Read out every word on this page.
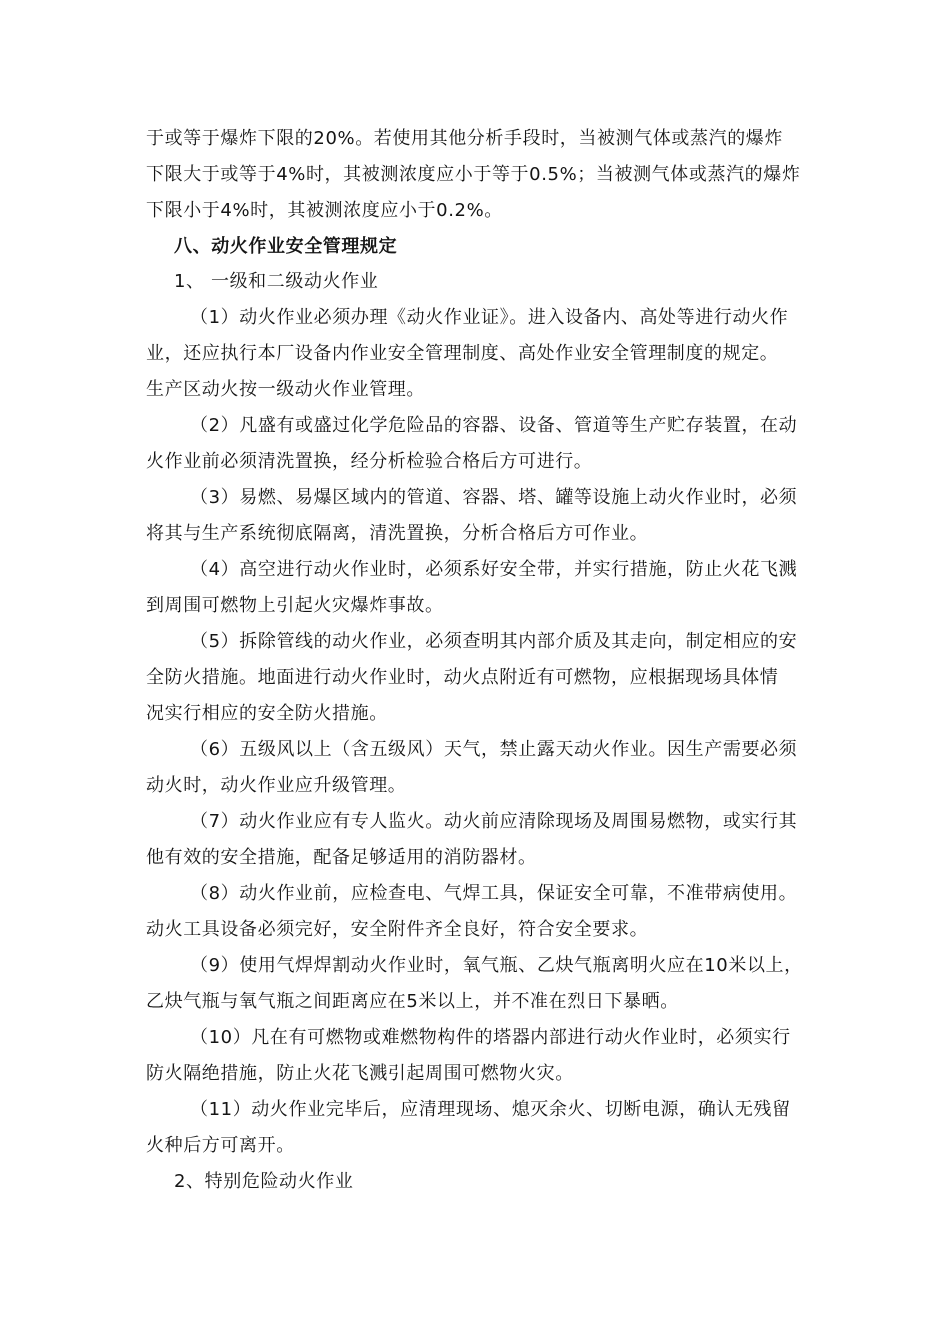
于或等于爆炸下限的20%。若使用其他分析手段时，当被测气体或蒸汽的爆炸
下限大于或等于4%时，其被测浓度应小于等于0.5%；当被测气体或蒸汽的爆炸
下限小于4%时，其被测浓度应小于0.2%。
八、动火作业安全管理规定
1、 一级和二级动火作业
（1）动火作业必须办理《动火作业证》。进入设备内、高处等进行动火作
业，还应执行本厂设备内作业安全管理制度、高处作业安全管理制度的规定。
生产区动火按一级动火作业管理。
（2）凡盛有或盛过化学危险品的容器、设备、管道等生产贮存装置，在动
火作业前必须清洗置换，经分析检验合格后方可进行。
（3）易燃、易爆区域内的管道、容器、塔、罐等设施上动火作业时，必须
将其与生产系统彻底隔离，清洗置换，分析合格后方可作业。
（4）高空进行动火作业时，必须系好安全带，并实行措施，防止火花飞溅
到周围可燃物上引起火灾爆炸事故。
（5）拆除管线的动火作业，必须查明其内部介质及其走向，制定相应的安
全防火措施。地面进行动火作业时，动火点附近有可燃物，应根据现场具体情
况实行相应的安全防火措施。
（6）五级风以上（含五级风）天气，禁止露天动火作业。因生产需要必须
动火时，动火作业应升级管理。
（7）动火作业应有专人监火。动火前应清除现场及周围易燃物，或实行其
他有效的安全措施，配备足够适用的消防器材。
（8）动火作业前，应检查电、气焊工具，保证安全可靠，不准带病使用。
动火工具设备必须完好，安全附件齐全良好，符合安全要求。
（9）使用气焊焊割动火作业时，氧气瓶、乙炔气瓶离明火应在10米以上，
乙炔气瓶与氧气瓶之间距离应在5米以上，并不准在烈日下暴晒。
（10）凡在有可燃物或难燃物构件的塔器内部进行动火作业时，必须实行
防火隔绝措施，防止火花飞溅引起周围可燃物火灾。
（11）动火作业完毕后，应清理现场、熄灭余火、切断电源，确认无残留
火种后方可离开。
2、特别危险动火作业
